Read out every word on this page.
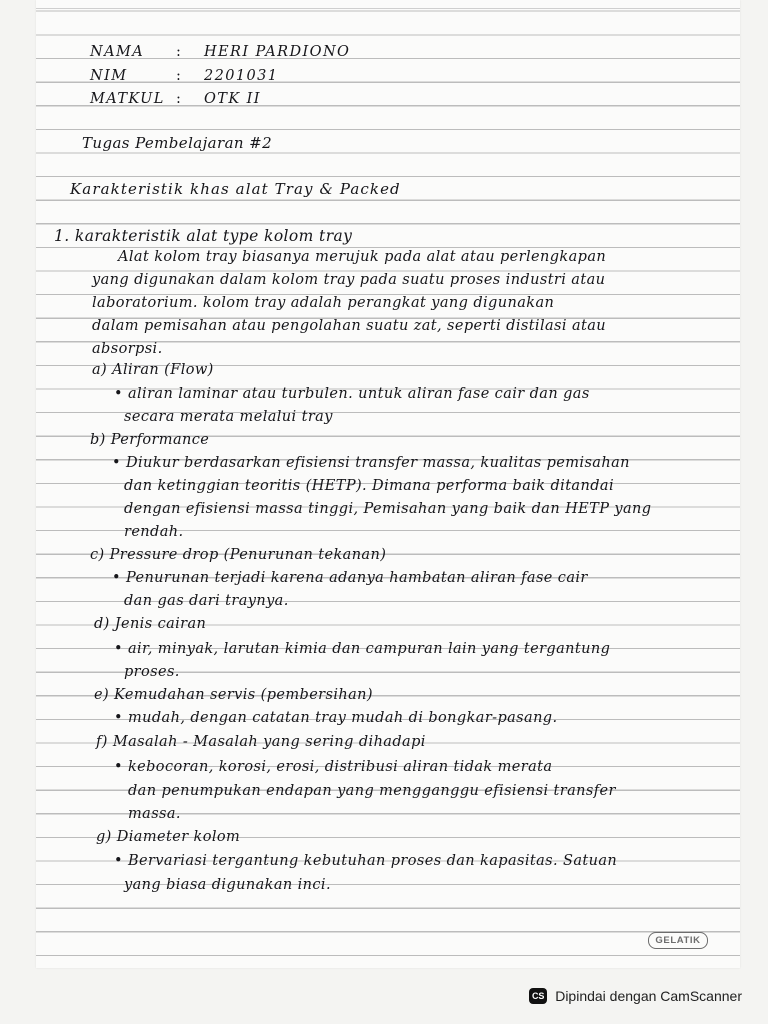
NAMA : HERI PARDIONO
NIM	: 2201031
MATKUL : OTK II
Tugas Pembelajaran #2
Karakteristik khas alat Tray & Packed
1. karakteristik alat type kolom tray
Alat kolom tray biasanya merujuk pada alat atau perlengkapan
yang digunakan dalam kolom tray pada suatu proses industri atau
laboratorium. kolom tray adalah perangkat yang digunakan
dalam pemisahan atau pengolahan suatu zat, seperti distilasi atau
absorpsi.
a) Aliran (Flow)
• aliran laminar atau turbulen. untuk aliran fase cair dan gas
secara merata melalui tray
b) Performance
• Diukur berdasarkan efisiensi transfer massa, kualitas pemisahan
dan ketinggian teoritis (HETP). Dimana performa baik ditandai
dengan efisiensi massa tinggi, Pemisahan yang baik dan HETP yang
rendah.
c) Pressure drop (Penurunan tekanan)
• Penurunan terjadi karena adanya hambatan aliran fase cair
dan gas dari traynya.
d) Jenis cairan
• air, minyak, larutan kimia dan campuran lain yang tergantung
proses.
e) Kemudahan servis (pembersihan)
• mudah, dengan catatan tray mudah di bongkar-pasang.
f) Masalah - Masalah yang sering dihadapi
• kebocoran, korosi, erosi, distribusi aliran tidak merata
dan penumpukan endapan yang mengganggu efisiensi transfer
massa.
g) Diameter kolom
• Bervariasi tergantung kebutuhan proses dan kapasitas. Satuan
yang biasa digunakan inci.
GELATIK
CS Dipindai dengan CamScanner
